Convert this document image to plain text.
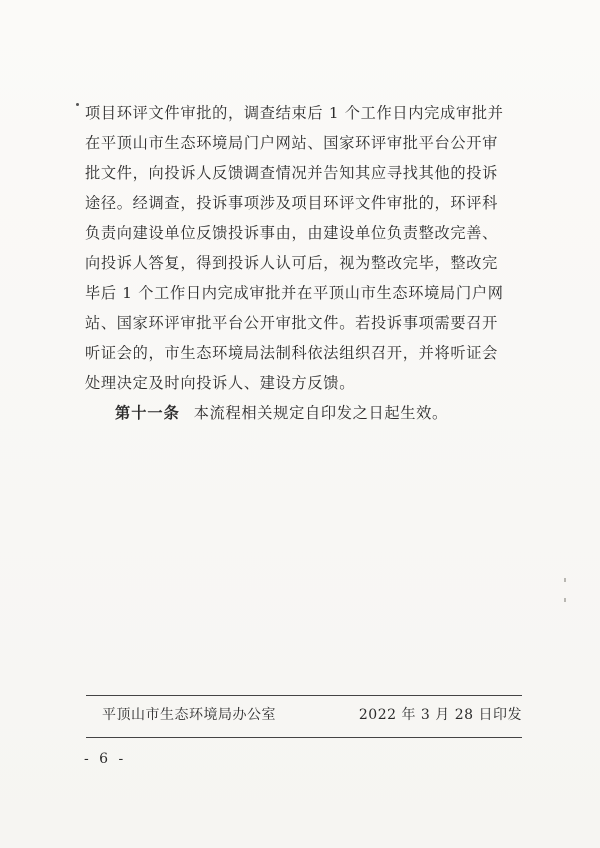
项目环评文件审批的，调查结束后 1 个工作日内完成审批并
在平顶山市生态环境局门户网站、国家环评审批平台公开审
批文件，向投诉人反馈调查情况并告知其应寻找其他的投诉
途径。经调查，投诉事项涉及项目环评文件审批的，环评科
负责向建设单位反馈投诉事由，由建设单位负责整改完善、
向投诉人答复，得到投诉人认可后，视为整改完毕，整改完
毕后 1 个工作日内完成审批并在平顶山市生态环境局门户网
站、国家环评审批平台公开审批文件。若投诉事项需要召开
听证会的，市生态环境局法制科依法组织召开，并将听证会
处理决定及时向投诉人、建设方反馈。
第十一条 本流程相关规定自印发之日起生效。
平顶山市生态环境局办公室	2022 年 3 月 28 日印发
- 6 -
